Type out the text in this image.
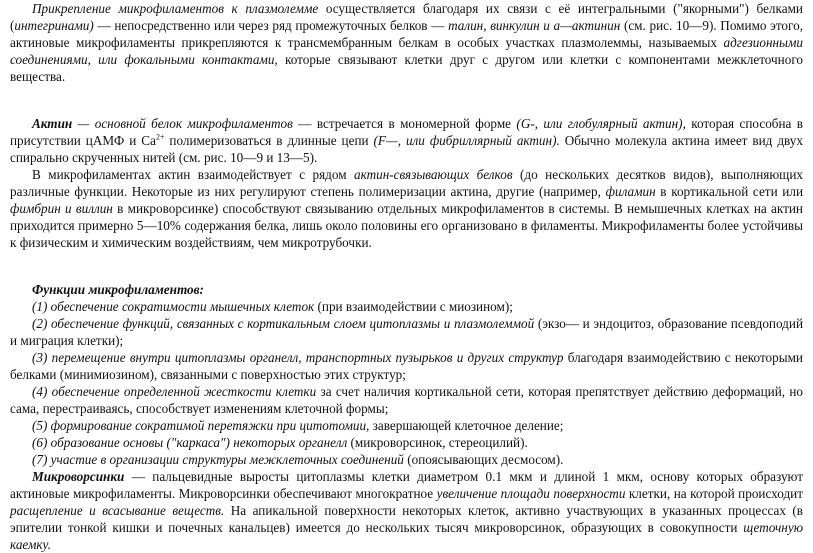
Прикрепление микрофиламентов к плазмолемме осуществляется благодаря их связи с её интегральными ("якорными") белками (интегринами) — непосредственно или через ряд промежуточных белков — талин, винкулин и а—актинин (см. рис. 10—9). Помимо этого, актиновые микрофиламенты прикрепляются к трансмембранным белкам в особых участках плазмолеммы, называемых адгезионными соединениями, или фокальными контактами, которые связывают клетки друг с другом или клетки с компонентами межклеточного вещества.

Актин — основной белок микрофиламентов — встречается в мономерной форме (G-, или глобулярный актин), которая способна в присутствии цАМФ и $Ca^{2+}$ полимеризоваться в длинные цепи (F—, или фибриллярный актин). Обычно молекула актина имеет вид двух спирально скрученных нитей (см. рис. 10—9 и 13—5).

В микрофиламентах актин взаимодействует с рядом актин-связывающих белков (до нескольких десятков видов), выполняющих различные функции. Некоторые из них регулируют степень полимеризации актина, другие (например, филамин в кортикальной сети или фимбрин и виллин в микроворсинке) способствуют связыванию отдельных микрофиламентов в системы. В немышечных клетках на актин приходится примерно 5—10% содержания белка, лишь около половины его организовано в филаменты. Микрофиламенты более устойчивы к физическим и химическим воздействиям, чем микротрубочки.

Функции микрофиламентов:

(1) обеспечение сократимости мышечных клеток (при взаимодействии с миозином);

(2) обеспечение функций, связанных с кортикальным слоем цитоплазмы и плазмолеммой (экзо— и эндоцитоз, образование псевдоподий и миграция клетки);

(3) перемещение внутри цитоплазмы органелл, транспортных пузырьков и других структур благодаря взаимодействию с некоторыми белками (минимиозином), связанными с поверхностью этих структур;

(4) обеспечение определенной жесткости клетки за счет наличия кортикальной сети, которая препятствует действию деформаций, но сама, перестраиваясь, способствует изменениям клеточной формы;

(5) формирование сократимой перетяжки при цитотомии, завершающей клеточное деление;

(6) образование основы ("каркаса") некоторых органелл (микроворсинок, стереоцилий).

(7) участие в организации структуры межклеточных соединений (опоясывающих десмосом).

Микроворсинки — пальцевидные выросты цитоплазмы клетки диаметром 0.1 мкм и длиной 1 мкм, основу которых образуют актиновые микрофиламенты. Микроворсинки обеспечивают многократное увеличение площади поверхности клетки, на которой происходит расщепление и всасывание веществ. На апикальной поверхности некоторых клеток, активно участвующих в указанных процессах (в эпителии тонкой кишки и почечных канальцев) имеется до нескольких тысяч микроворсинок, образующих в совокупности щеточную каемку.
